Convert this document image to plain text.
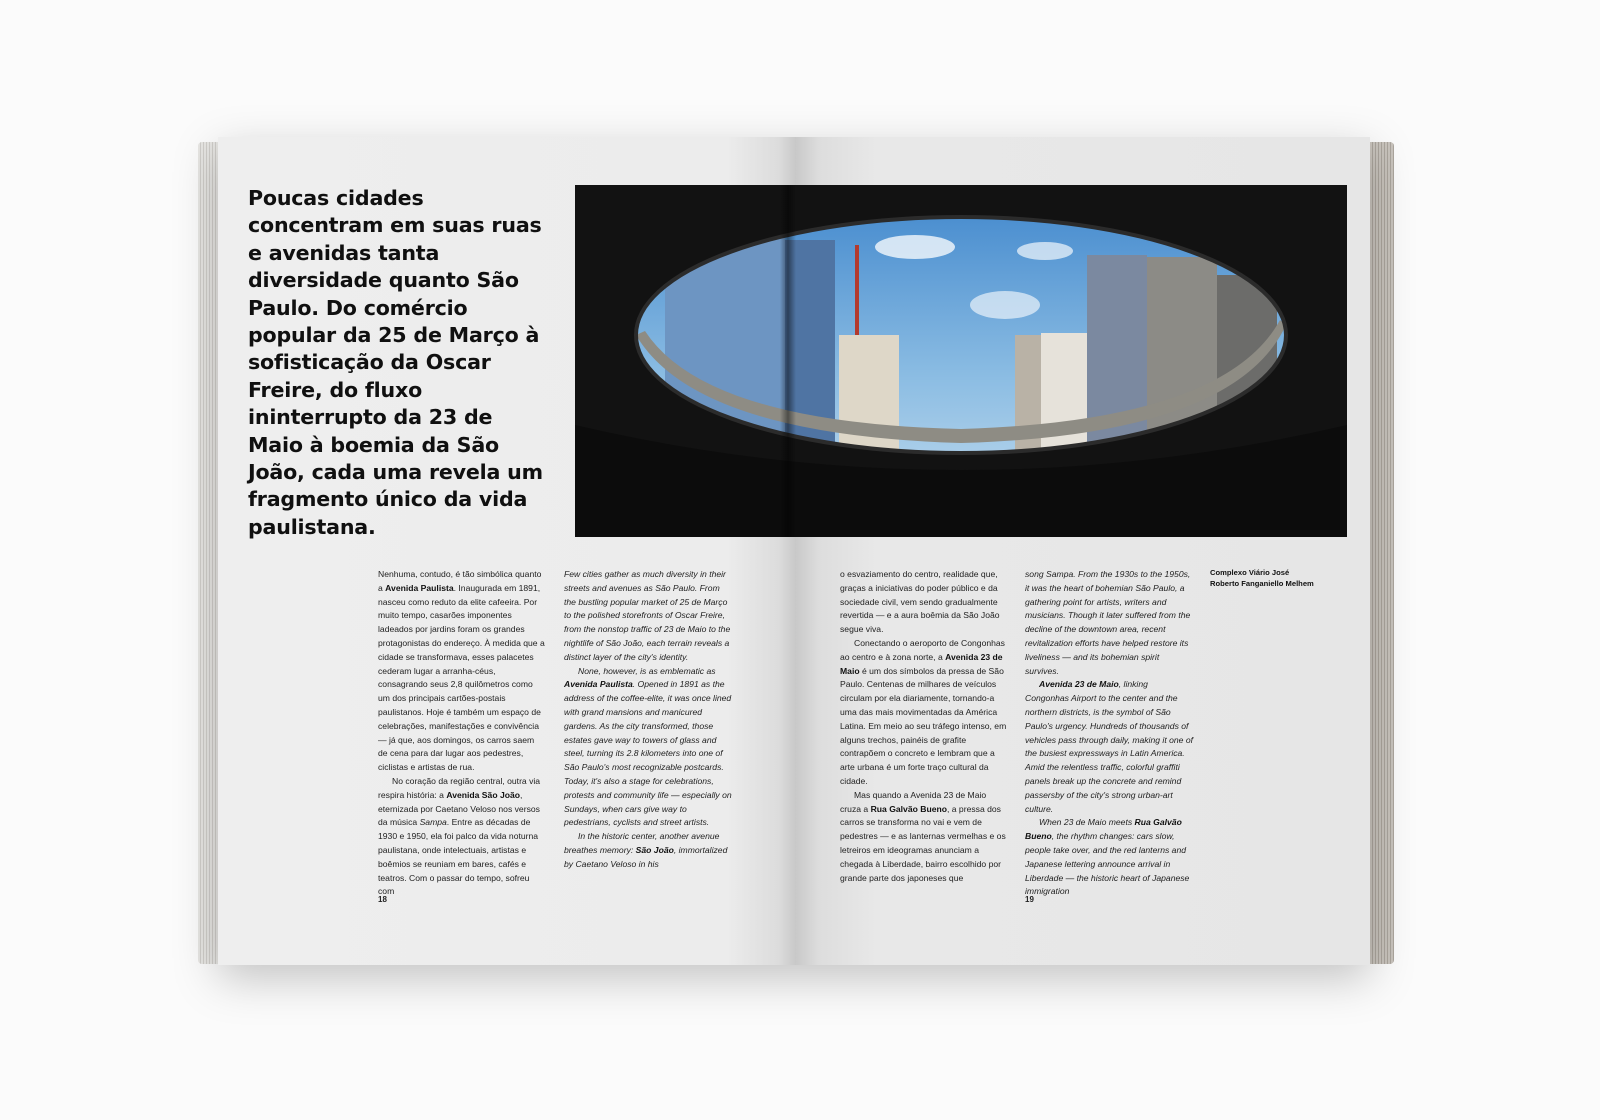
Poucas cidades concentram em suas ruas e avenidas tanta diversidade quanto São Paulo. Do comércio popular da 25 de Março à sofisticação da Oscar Freire, do fluxo ininterrupto da 23 de Maio à boemia da São João, cada uma revela um fragmento único da vida paulistana.

Nenhuma, contudo, é tão simbólica quanto a Avenida Paulista. Inaugurada em 1891, nasceu como reduto da elite cafeeira. Por muito tempo, casarões imponentes ladeados por jardins foram os grandes protagonistas do endereço. À medida que a cidade se transformava, esses palacetes cederam lugar a arranha-céus, consagrando seus 2,8 quilômetros como um dos principais cartões-postais paulistanos. Hoje é também um espaço de celebrações, manifestações e convivência — já que, aos domingos, os carros saem de cena para dar lugar aos pedestres, ciclistas e artistas de rua.

No coração da região central, outra via respira história: a Avenida São João, eternizada por Caetano Veloso nos versos da música Sampa. Entre as décadas de 1930 e 1950, ela foi palco da vida noturna paulistana, onde intelectuais, artistas e boêmios se reuniam em bares, cafés e teatros. Com o passar do tempo, sofreu com

Few cities gather as much diversity in their streets and avenues as São Paulo. From the bustling popular market of 25 de Março to the polished storefronts of Oscar Freire, from the nonstop traffic of 23 de Maio to the nightlife of São João, each terrain reveals a distinct layer of the city's identity.

None, however, is as emblematic as Avenida Paulista. Opened in 1891 as the address of the coffee-elite, it was once lined with grand mansions and manicured gardens. As the city transformed, those estates gave way to towers of glass and steel, turning its 2.8 kilometers into one of São Paulo's most recognizable postcards. Today, it's also a stage for celebrations, protests and community life — especially on Sundays, when cars give way to pedestrians, cyclists and street artists.

In the historic center, another avenue breathes memory: São João, immortalized by Caetano Veloso in his

o esvaziamento do centro, realidade que, graças a iniciativas do poder público e da sociedade civil, vem sendo gradualmente revertida — e a aura boêmia da São João segue viva.

Conectando o aeroporto de Congonhas ao centro e à zona norte, a Avenida 23 de Maio é um dos símbolos da pressa de São Paulo. Centenas de milhares de veículos circulam por ela diariamente, tornando-a uma das mais movimentadas da América Latina. Em meio ao seu tráfego intenso, em alguns trechos, painéis de grafite contrapõem o concreto e lembram que a arte urbana é um forte traço cultural da cidade.

Mas quando a Avenida 23 de Maio cruza a Rua Galvão Bueno, a pressa dos carros se transforma no vai e vem de pedestres — e as lanternas vermelhas e os letreiros em ideogramas anunciam a chegada à Liberdade, bairro escolhido por grande parte dos japoneses que

song Sampa. From the 1930s to the 1950s, it was the heart of bohemian São Paulo, a gathering point for artists, writers and musicians. Though it later suffered from the decline of the downtown area, recent revitalization efforts have helped restore its liveliness — and its bohemian spirit survives.

Avenida 23 de Maio, linking Congonhas Airport to the center and the northern districts, is the symbol of São Paulo's urgency. Hundreds of thousands of vehicles pass through daily, making it one of the busiest expressways in Latin America. Amid the relentless traffic, colorful graffiti panels break up the concrete and remind passersby of the city's strong urban-art culture.

When 23 de Maio meets Rua Galvão Bueno, the rhythm changes: cars slow, people take over, and the red lanterns and Japanese lettering announce arrival in Liberdade — the historic heart of Japanese immigration

Complexo Viário José
Roberto Fanganiello Melhem
18	19
